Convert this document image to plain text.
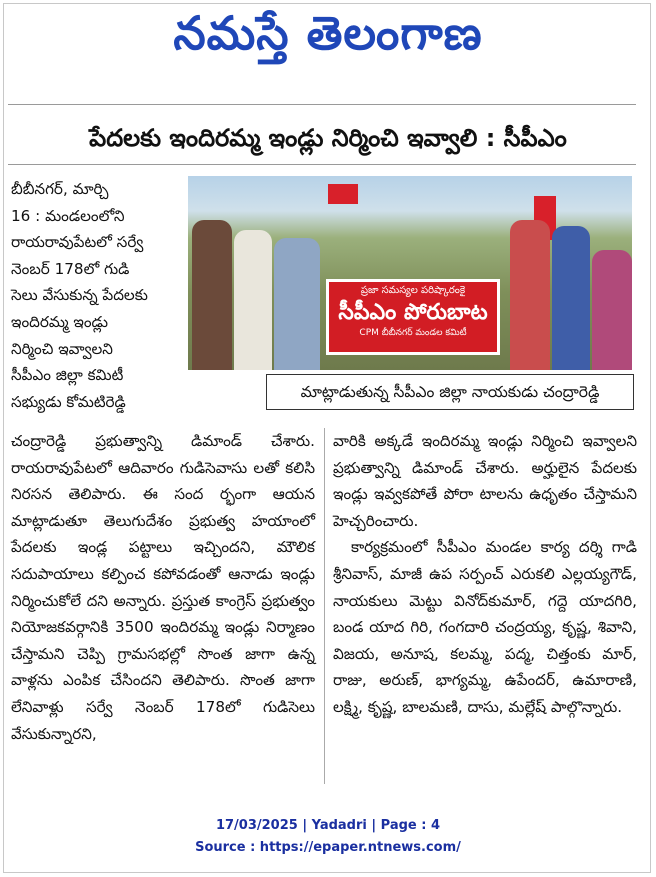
నమస్తే తెలంగాణ
పేదలకు ఇందిరమ్మ ఇండ్లు నిర్మించి ఇవ్వాలి : సీపీఎం

బీబీనగర్, మార్చి

16 : మండలంలోని

రాయరావుపేటలో సర్వే

నెంబర్ 178లో గుడి

సెలు వేసుకున్న పేదలకు

ఇందిరమ్మ ఇండ్లు

నిర్మించి ఇవ్వాలని

సీపీఎం జిల్లా కమిటీ

సభ్యుడు కోమటిరెడ్డి

ప్రజా సమస్యల పరిష్కారంకై
సీపీఎం పోరుబాట
CPM బీబీనగర్ మండల కమిటీ
మాట్లాడుతున్న సీపీఎం జిల్లా నాయకుడు చంద్రారెడ్డి

చంద్రారెడ్డి ప్రభుత్వాన్ని డిమాండ్ చేశారు. రాయరావుపేటలో ఆదివారం గుడిసెవాసు లతో కలిసి నిరసన తెలిపారు. ఈ సంద ర్భంగా ఆయన మాట్లాడుతూ తెలుగుదేశం ప్రభుత్వ హయాంలో పేదలకు ఇండ్ల పట్టాలు ఇచ్చిందని, మౌలిక సదుపాయాలు కల్పించ కపోవడంతో ఆనాడు ఇండ్లు నిర్మించుకోలే దని అన్నారు. ప్రస్తుత కాంగ్రెస్ ప్రభుత్వం నియోజకవర్గానికి 3500 ఇందిరమ్మ ఇండ్లు నిర్మాణం చేస్తామని చెప్పి గ్రామసభల్లో సొంత జాగా ఉన్న వాళ్లను ఎంపిక చేసిందని తెలిపారు. సొంత జాగా లేనివాళ్లు సర్వే నెంబర్ 178లో గుడిసెలు వేసుకున్నారని,

వారికి అక్కడే ఇందిరమ్మ ఇండ్లు నిర్మించి ఇవ్వాలని ప్రభుత్వాన్ని డిమాండ్ చేశారు. అర్హులైన పేదలకు ఇండ్లు ఇవ్వకపోతే పోరా టాలను ఉధృతం చేస్తామని హెచ్చరించారు.

కార్యక్రమంలో సీపీఎం మండల కార్య దర్శి గాడి శ్రీనివాస్, మాజీ ఉప సర్పంచ్ ఎరుకలి ఎల్లయ్యగౌడ్, నాయకులు మెట్టు వినోద్‌కుమార్, గద్దె యాదగిరి, బండ యాద గిరి, గంగదారి చంద్రయ్య, కృష్ణ, శివాని, విజయ, అనూష, కలమ్మ, పద్మ, చిత్తంకు మార్, రాజు, అరుణ్, భాగ్యమ్మ, ఉపేందర్, ఉమారాణి, లక్ష్మి, కృష్ణ, బాలమణి, దాసు, మల్లేష్ పాల్గొన్నారు.

17/03/2025 | Yadadri | Page : 4
Source : https://epaper.ntnews.com/
